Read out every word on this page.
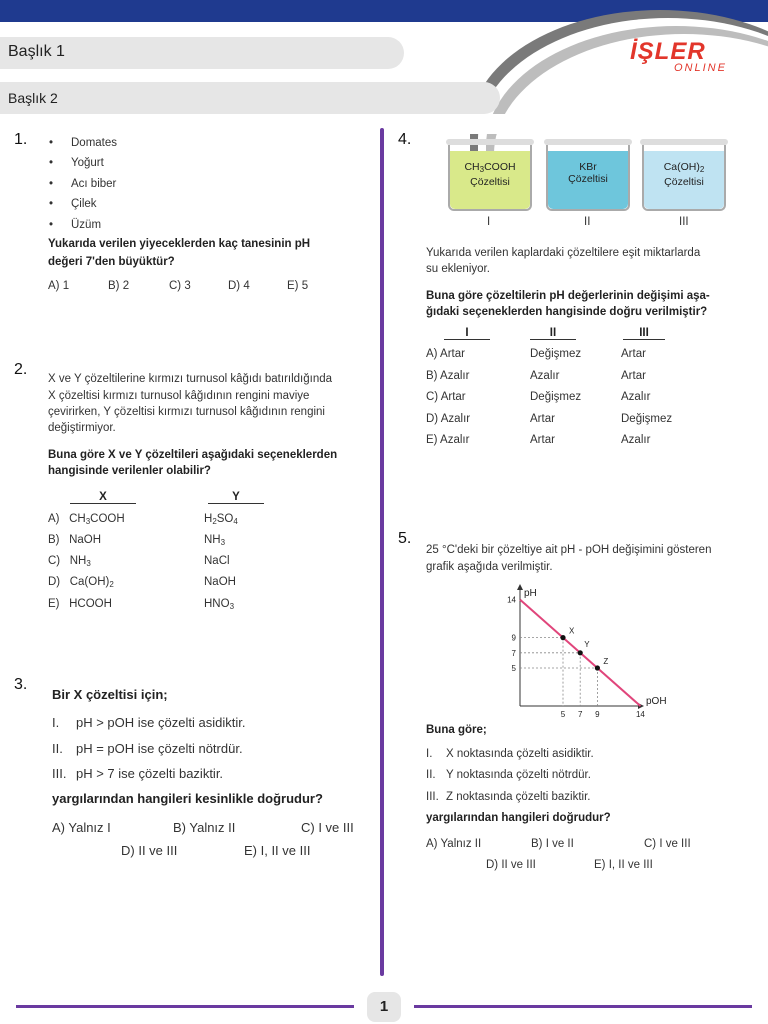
Başlık 1
Başlık 2
İŞLER
ONLINE
1.
•	Domates
• Yoğurt
• Acı biber
• Çilek
• Üzüm
Yukarıda verilen yiyeceklerden kaç tanesinin pH
değeri 7'den büyüktür?
A) 1	B) 2	C) 3	D) 4	E) 5
2.
X ve Y çözeltilerine kırmızı turnusol kâğıdı batırıldığında
X çözeltisi kırmızı turnusol kâğıdının rengini maviye
çevirirken, Y çözeltisi kırmızı turnusol kâğıdının rengini
değiştirmiyor.
Buna göre X ve Y çözeltileri aşağıdaki seçeneklerden
hangisinde verilenler olabilir?
X	Y
A)   $CH_3COOH$	$H_2SO_4$
B)   NaOH	$NH_3$
C)   $NH_3$	NaCl
D)   $Ca(OH)_2$	NaOH
E)   HCOOH	$HNO_3$
3.
Bir X çözeltisi için;
I. pH > pOH ise çözelti asidiktir.
II. pH = pOH ise çözelti nötrdür.
III. pH > 7 ise çözelti baziktir.
yargılarından hangileri kesinlikle doğrudur?
A) Yalnız I	B) Yalnız II	C) I ve III
D) II ve III	E) I, II ve III
4.
$CH_3COOH$
Çözeltisi
KBr
Çözeltisi
$Ca(OH)_2$
Çözeltisi
I	II	III
Yukarıda verilen kaplardaki çözeltilere eşit miktarlarda
su ekleniyor.
Buna göre çözeltilerin pH değerlerinin değişimi aşa-
ğıdaki seçeneklerden hangisinde doğru verilmiştir?
I	II	III
A) Artar	Değişmez	Artar
B) Azalır	Azalır	Artar
C) Artar	Değişmez	Azalır
D) Azalır	Artar	Değişmez
E) Azalır	Artar	Azalır
5.
25 °C'deki bir çözeltiye ait pH - pOH değişimini gösteren
grafik aşağıda verilmiştir.
pH
pOH
14
9
7
5
5 7 9	14
X
Y
Z
Buna göre;
I. X noktasında çözelti asidiktir.
II. Y noktasında çözelti nötrdür.
III. Z noktasında çözelti baziktir.
yargılarından hangileri doğrudur?
A) Yalnız II	B) I ve II	C) I ve III
D) II ve III	E) I, II ve III
1
